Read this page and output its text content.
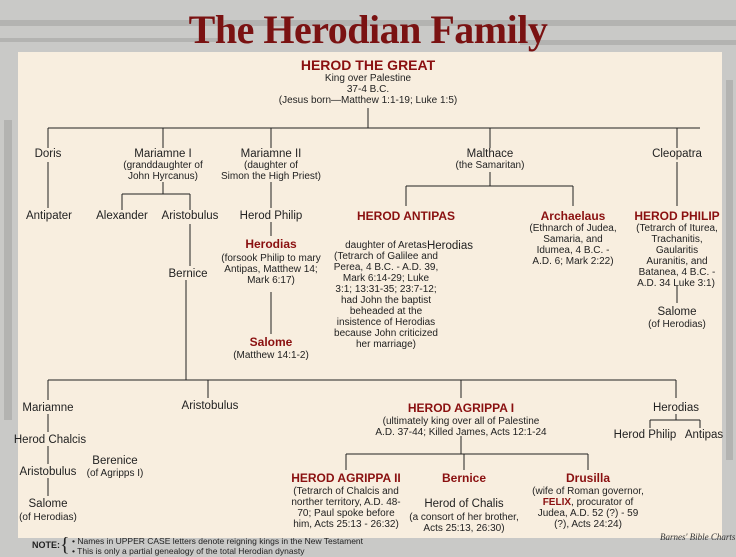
The Herodian Family
HEROD THE GREAT
King over Palestine
37-4 B.C.
(Jesus born—Matthew 1:1-19; Luke 1:5)
Doris	Mariamne I
(granddaughter of
John Hyrcanus)
Mariamne II
(daughter of
Simon the High Priest)
Malthace
(the Samaritan)
Cleopatra
Antipater	Alexander	Aristobulus	Herod Philip
Herodias
(forsook Philip to mary
Antipas, Matthew 14;
Mark 6:17)
Salome
(Matthew 14:1-2)
HEROD ANTIPAS
daughter of Aretas
(Tetrarch of Galilee and
Perea, 4 B.C. - A.D. 39,
Mark 6:14-29; Luke
3:1; 13:31-35; 23:7-12;
had John the baptist
beheaded at the
insistence of Herodias
because John criticized
her marriage)
Herodias
Archaelaus
(Ethnarch of Judea,
Samaria, and
Idumea, 4 B.C. -
A.D. 6; Mark 2:22)
HEROD PHILIP
(Tetrarch of Iturea,
Trachanitis,
Gaularitis
Auranitis, and
Batanea, 4 B.C. -
A.D. 34 Luke 3:1)
Salome
(of Herodias)
Bernice
Mariamne
Herod Chalcis
Aristobulus
Salome
(of Herodias)
Berenice
(of Agripps I)
Aristobulus	HEROD AGRIPPA I
(ultimately king over all of Palestine
A.D. 37-44; Killed James, Acts 12:1-24
Herodias
Herod Philip Antipas
HEROD AGRIPPA II
(Tetrarch of Chalcis and
norther territory, A.D. 48-
70; Paul spoke before
him, Acts 25:13 - 26:32)
Bernice
Herod of Chalis
(a consort of her brother,
Acts 25:13, 26:30)
Drusilla
(wife of Roman governor,
FELIX, procurator of
Judea, A.D. 52 (?) - 59
(?), Acts 24:24)
NOTE: { • Names in UPPER CASE letters denote reigning kings in the New Testament
• This is only a partial genealogy of the total Herodian dynasty
Barnes' Bible Charts
